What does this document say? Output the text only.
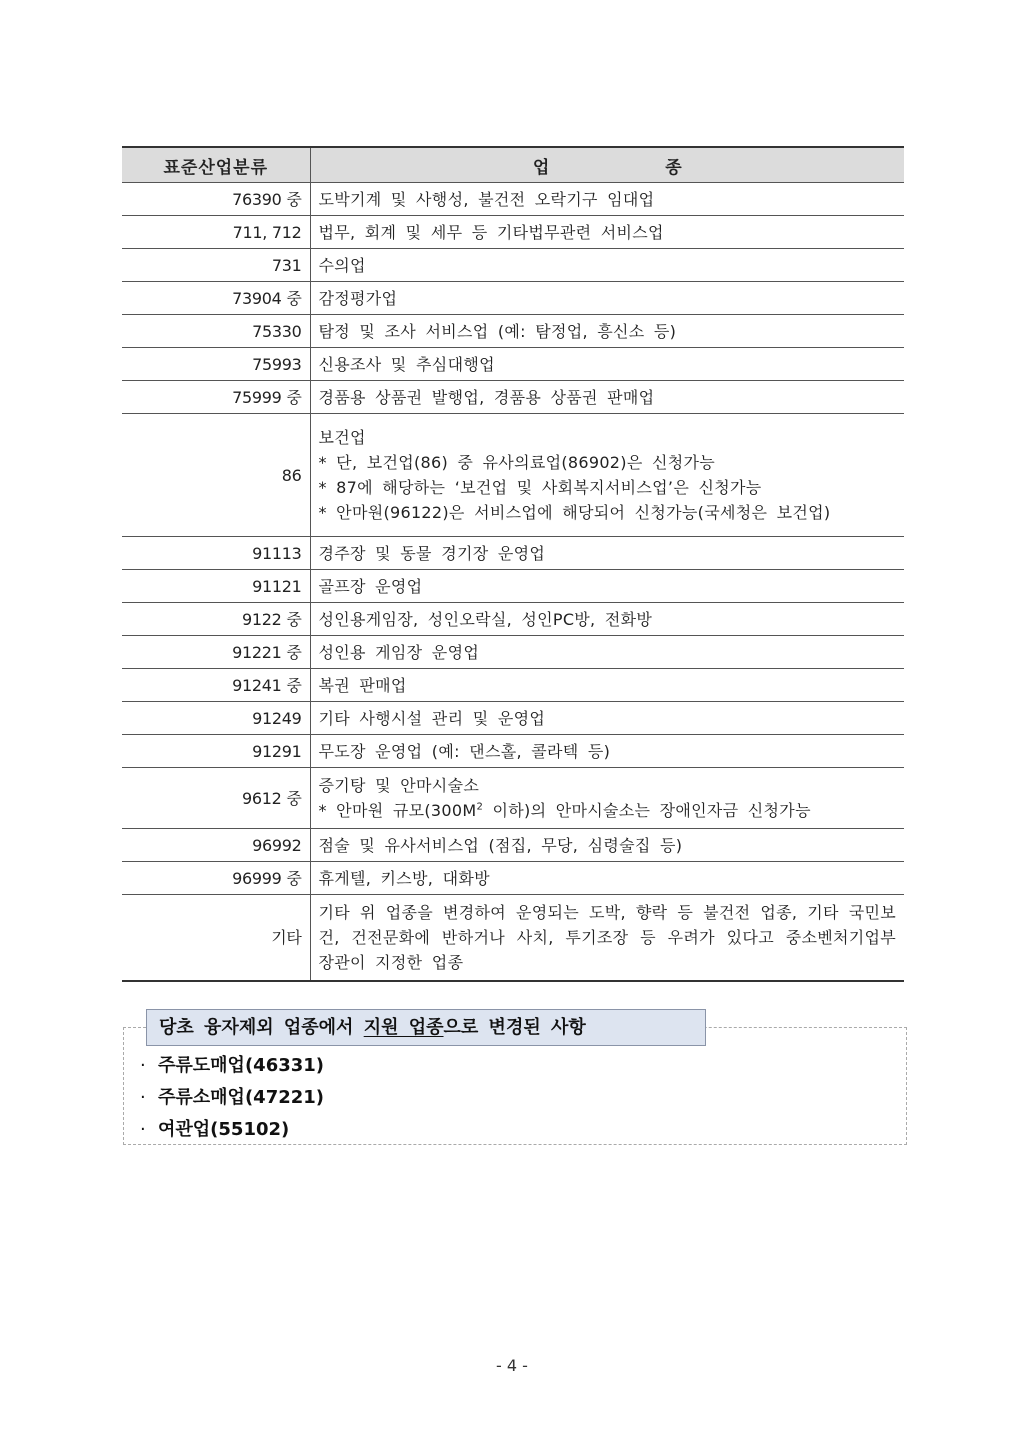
표준산업분류	업 종
76390 중	도박기계 및 사행성, 불건전 오락기구 임대업
711, 712	법무, 회계 및 세무 등 기타법무관련 서비스업
731	수의업
73904 중	감정평가업
75330	탐정 및 조사 서비스업 (예: 탐정업, 흥신소 등)
75993	신용조사 및 추심대행업
75999 중	경품용 상품권 발행업, 경품용 상품권 판매업
86	보건업
* 단, 보건업(86) 중 유사의료업(86902)은 신청가능
* 87에 해당하는 ‘보건업 및 사회복지서비스업’은 신청가능
* 안마원(96122)은 서비스업에 해당되어 신청가능(국세청은 보건업)

91113	경주장 및 동물 경기장 운영업
91121	골프장 운영업
9122 중	성인용게임장, 성인오락실, 성인PC방, 전화방
91221 중	성인용 게임장 운영업
91241 중	복권 판매업
91249	기타 사행시설 관리 및 운영업
91291	무도장 운영업 (예: 댄스홀, 콜라텍 등)
9612 중	증기탕 및 안마시술소
* 안마원 규모($300M^2$ 이하)의 안마시술소는 장애인자금 신청가능

96992	점술 및 유사서비스업 (점집, 무당, 심령술집 등)
96999 중	휴게텔, 키스방, 대화방
기타	기타 위 업종을 변경하여 운영되는 도박, 향락 등 불건전 업종, 기타 국민보건, 건전문화에 반하거나 사치, 투기조장 등 우려가 있다고 중소벤처기업부 장관이 지정한 업종
당초 융자제외 업종에서 지원 업종으로 변경된 사항
· 주류도매업(46331)
· 주류소매업(47221)
· 여관업(55102)
- 4 -
